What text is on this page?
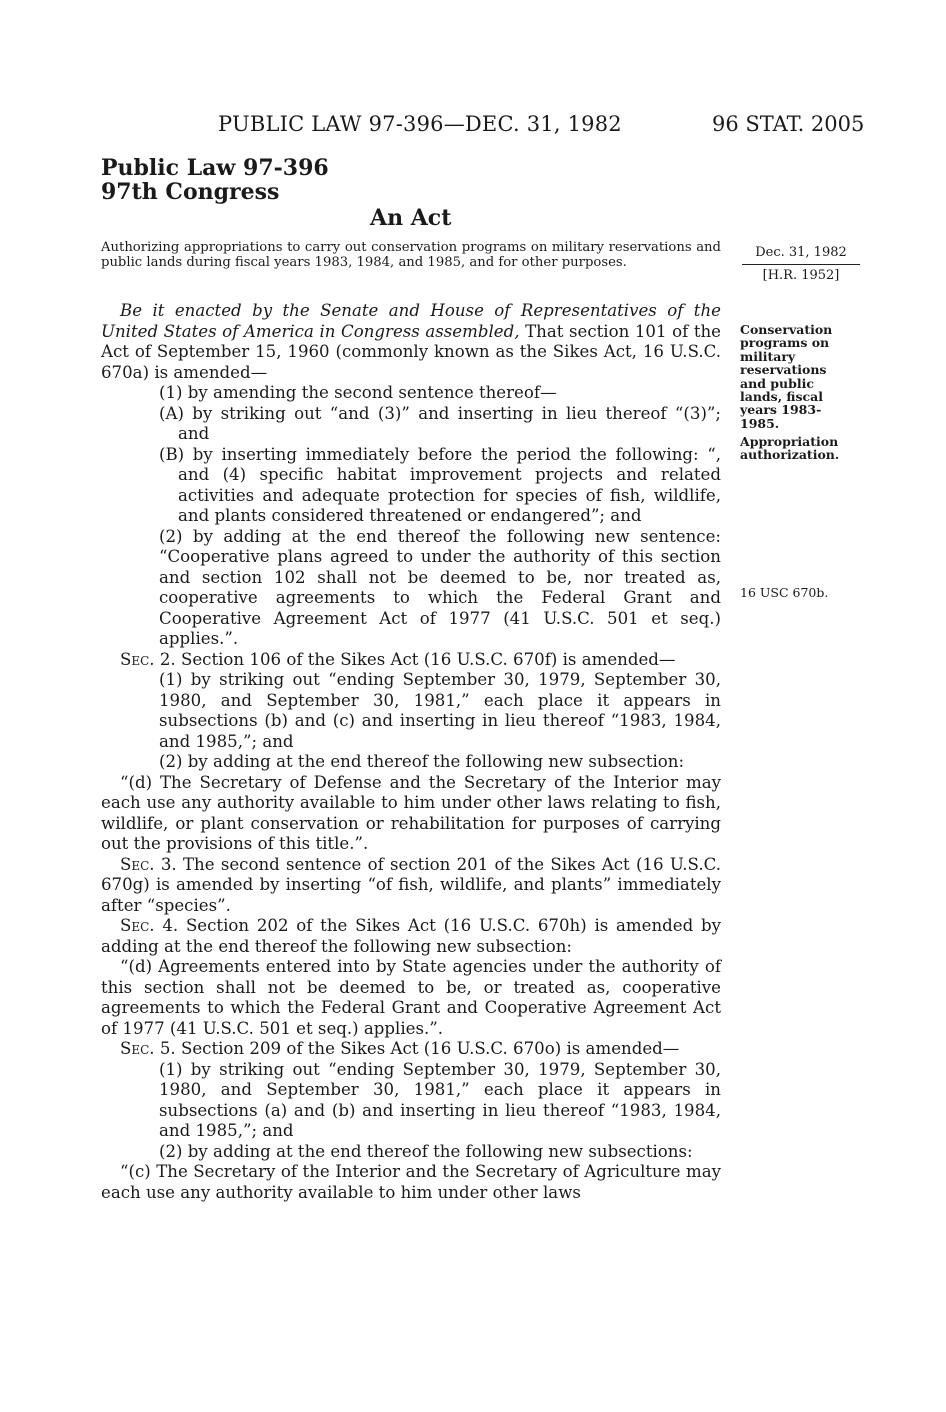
PUBLIC LAW 97-396—DEC. 31, 1982	96 STAT. 2005
Public Law 97-396
97th Congress
An Act
Authorizing appropriations to carry out conservation programs on military reservations and public lands during fiscal years 1983, 1984, and 1985, and for other purposes.
Dec. 31, 1982
[H.R. 1952]
Conservation programs on military reservations and public lands, fiscal years 1983-1985.
Appropriation authorization.
16 USC 670b.

Be it enacted by the Senate and House of Representatives of the United States of America in Congress assembled, That section 101 of the Act of September 15, 1960 (commonly known as the Sikes Act, 16 U.S.C. 670a) is amended—

(1) by amending the second sentence thereof—

(A) by striking out “and (3)” and inserting in lieu thereof “(3)”; and

(B) by inserting immediately before the period the following: “, and (4) specific habitat improvement projects and related activities and adequate protection for species of fish, wildlife, and plants considered threatened or endangered”; and

(2) by adding at the end thereof the following new sentence: “Cooperative plans agreed to under the authority of this section and section 102 shall not be deemed to be, nor treated as, cooperative agreements to which the Federal Grant and Cooperative Agreement Act of 1977 (41 U.S.C. 501 et seq.) applies.”.

Sec. 2. Section 106 of the Sikes Act (16 U.S.C. 670f) is amended—

(1) by striking out “ending September 30, 1979, September 30, 1980, and September 30, 1981,” each place it appears in subsections (b) and (c) and inserting in lieu thereof “1983, 1984, and 1985,”; and

(2) by adding at the end thereof the following new subsection:

“(d) The Secretary of Defense and the Secretary of the Interior may each use any authority available to him under other laws relating to fish, wildlife, or plant conservation or rehabilitation for purposes of carrying out the provisions of this title.”.

Sec. 3. The second sentence of section 201 of the Sikes Act (16 U.S.C. 670g) is amended by inserting “of fish, wildlife, and plants” immediately after “species”.

Sec. 4. Section 202 of the Sikes Act (16 U.S.C. 670h) is amended by adding at the end thereof the following new subsection:

“(d) Agreements entered into by State agencies under the authority of this section shall not be deemed to be, or treated as, cooperative agreements to which the Federal Grant and Cooperative Agreement Act of 1977 (41 U.S.C. 501 et seq.) applies.”.

Sec. 5. Section 209 of the Sikes Act (16 U.S.C. 670o) is amended—

(1) by striking out “ending September 30, 1979, September 30, 1980, and September 30, 1981,” each place it appears in subsections (a) and (b) and inserting in lieu thereof “1983, 1984, and 1985,”; and

(2) by adding at the end thereof the following new subsections:

“(c) The Secretary of the Interior and the Secretary of Agriculture may each use any authority available to him under other laws
